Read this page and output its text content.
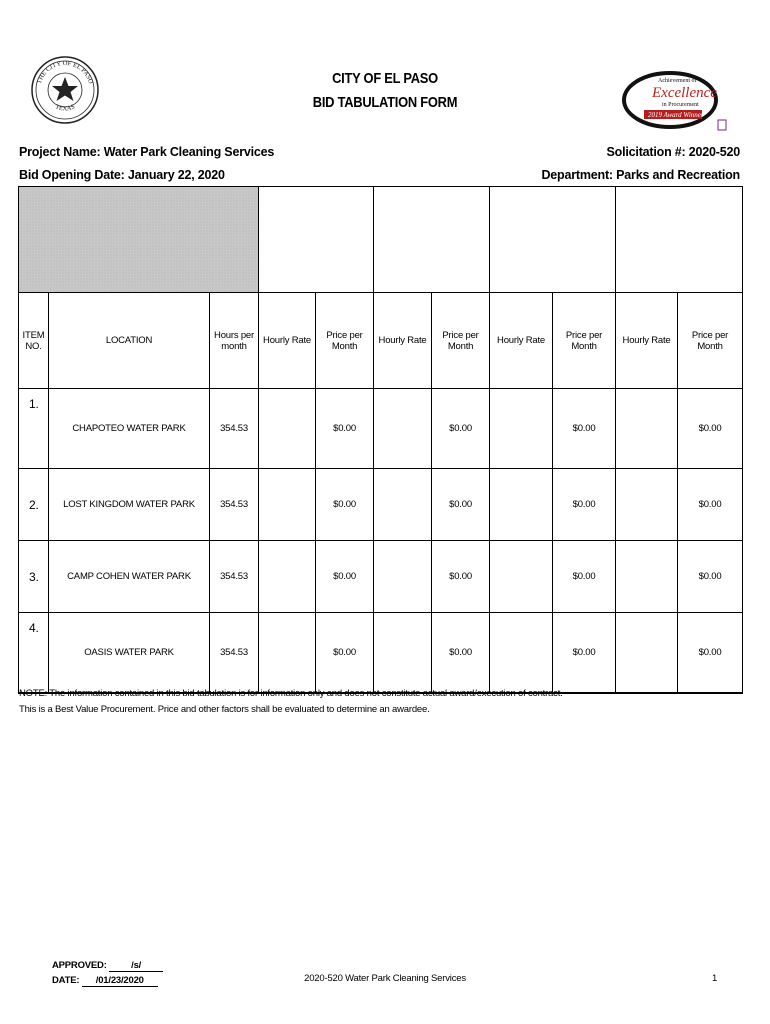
THE CITY OF EL PASO
TEXAS
Achievement of
Excellence
in Procurement
2019 Award Winner
CITY OF EL PASO
BID TABULATION FORM
Project Name: Water Park Cleaning Services
Bid Opening Date: January 22, 2020
Solicitation #: 2020-520
Department: Parks and Recreation

ITEM NO.	LOCATION	Hours per month	Hourly Rate	Price per Month	Hourly Rate	Price per Month	Hourly Rate	Price per Month	Hourly Rate	Price per Month
1.	CHAPOTEO WATER PARK	354.53		$0.00		$0.00		$0.00		$0.00
2.	LOST KINGDOM WATER PARK	354.53		$0.00		$0.00		$0.00		$0.00
3.	CAMP COHEN WATER PARK	354.53		$0.00		$0.00		$0.00		$0.00
4.	OASIS WATER PARK	354.53		$0.00		$0.00		$0.00		$0.00
NOTE: The information contained in this bid tabulation is for information only and does not constitute actual award/execution of contract.
This is a Best Value Procurement. Price and other factors shall be evaluated to determine an awardee.
APPROVED:	/s/
DATE: /01/23/2020	2020-520 Water Park Cleaning Services	1
